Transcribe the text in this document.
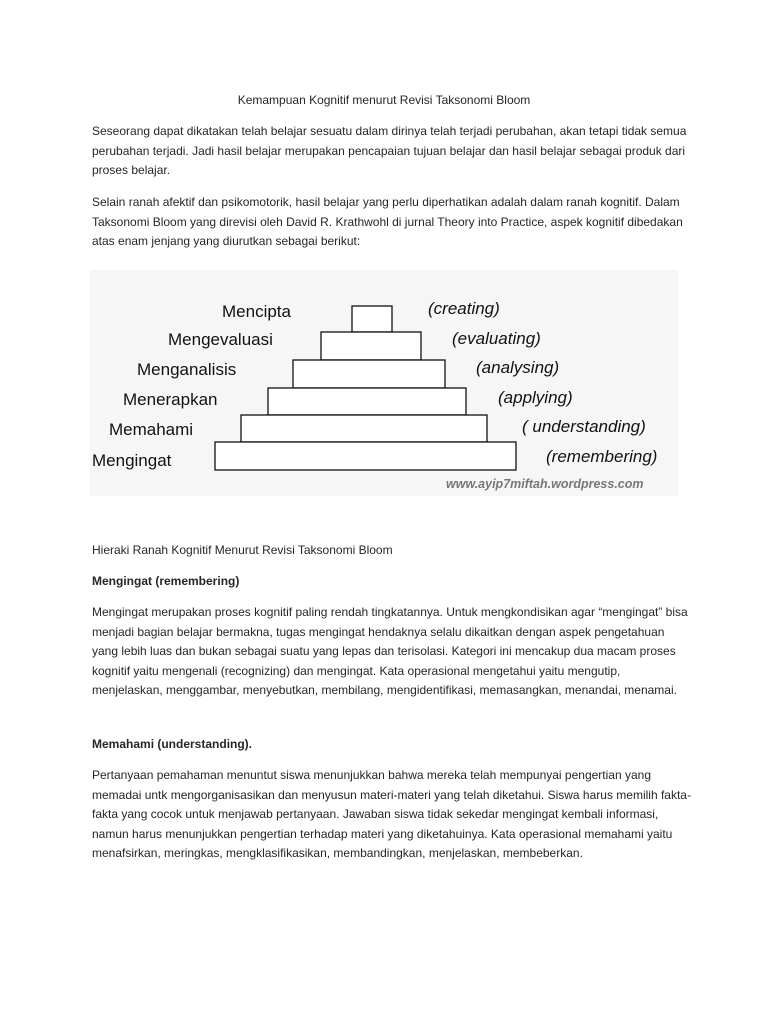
Kemampuan Kognitif menurut Revisi Taksonomi Bloom

Seseorang dapat dikatakan telah belajar sesuatu dalam dirinya telah terjadi perubahan, akan tetapi tidak semua perubahan terjadi. Jadi hasil belajar merupakan pencapaian tujuan belajar dan hasil belajar sebagai produk dari proses belajar.

Selain ranah afektif dan psikomotorik, hasil belajar yang perlu diperhatikan adalah dalam ranah kognitif. Dalam Taksonomi Bloom yang direvisi oleh David R. Krathwohl di jurnal Theory into Practice, aspek kognitif dibedakan atas enam jenjang yang diurutkan sebagai berikut:

Mencipta
Mengevaluasi
Menganalisis
Menerapkan
Memahami
Mengingat
(creating)
(evaluating)
(analysing)
(applying)
( understanding)
(remembering)
www.ayip7miftah.wordpress.com

Hieraki Ranah Kognitif Menurut Revisi Taksonomi Bloom

Mengingat (remembering)

Mengingat merupakan proses kognitif paling rendah tingkatannya. Untuk mengkondisikan agar “mengingat” bisa menjadi bagian belajar bermakna, tugas mengingat hendaknya selalu dikaitkan dengan aspek pengetahuan yang lebih luas dan bukan sebagai suatu yang lepas dan terisolasi. Kategori ini mencakup dua macam proses kognitif yaitu mengenali (recognizing) dan mengingat. Kata operasional mengetahui yaitu mengutip, menjelaskan, menggambar, menyebutkan, membilang, mengidentifikasi, memasangkan, menandai, menamai.

Memahami (understanding).

Pertanyaan pemahaman menuntut siswa menunjukkan bahwa mereka telah mempunyai pengertian yang memadai untk mengorganisasikan dan menyusun materi-materi yang telah diketahui. Siswa harus memilih fakta-fakta yang cocok untuk menjawab pertanyaan. Jawaban siswa tidak sekedar mengingat kembali informasi, namun harus menunjukkan pengertian terhadap materi yang diketahuinya. Kata operasional memahami yaitu menafsirkan, meringkas, mengklasifikasikan, membandingkan, menjelaskan, membeberkan.
